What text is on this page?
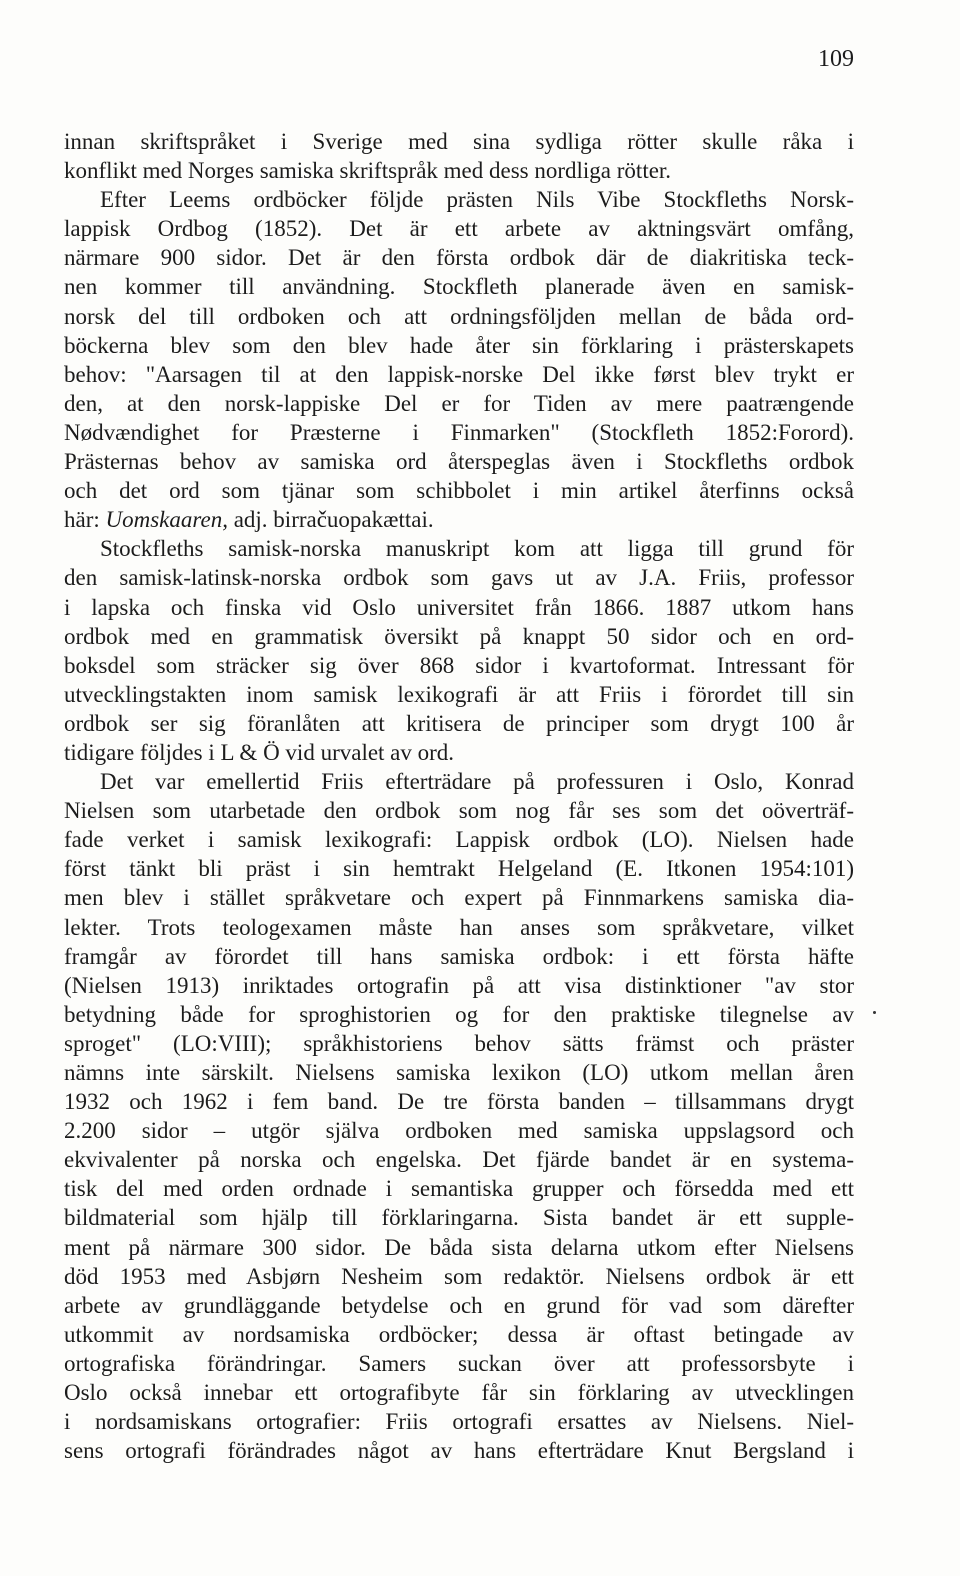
109
innan skriftspråket i Sverige med sina sydliga rötter skulle råka i
konflikt med Norges samiska skriftspråk med dess nordliga rötter.
Efter Leems ordböcker följde prästen Nils Vibe Stockfleths Norsk-
lappisk Ordbog (1852). Det är ett arbete av aktningsvärt omfång,
närmare 900 sidor. Det är den första ordbok där de diakritiska teck-
nen kommer till användning. Stockfleth planerade även en samisk-
norsk del till ordboken och att ordningsföljden mellan de båda ord-
böckerna blev som den blev hade åter sin förklaring i prästerskapets
behov: "Aarsagen til at den lappisk-norske Del ikke først blev trykt er
den, at den norsk-lappiske Del er for Tiden av mere paatrængende
Nødvændighet for Præsterne i Finmarken" (Stockfleth 1852:Forord).
Prästernas behov av samiska ord återspeglas även i Stockfleths ordbok
och det ord som tjänar som schibbolet i min artikel återfinns också
här: Uomskaaren, adj. birračuopakættai.
Stockfleths samisk-norska manuskript kom att ligga till grund för
den samisk-latinsk-norska ordbok som gavs ut av J.A. Friis, professor
i lapska och finska vid Oslo universitet från 1866. 1887 utkom hans
ordbok med en grammatisk översikt på knappt 50 sidor och en ord-
boksdel som sträcker sig över 868 sidor i kvartoformat. Intressant för
utvecklingstakten inom samisk lexikografi är att Friis i förordet till sin
ordbok ser sig föranlåten att kritisera de principer som drygt 100 år
tidigare följdes i L & Ö vid urvalet av ord.
Det var emellertid Friis efterträdare på professuren i Oslo, Konrad
Nielsen som utarbetade den ordbok som nog får ses som det oöverträf-
fade verket i samisk lexikografi: Lappisk ordbok (LO). Nielsen hade
först tänkt bli präst i sin hemtrakt Helgeland (E. Itkonen 1954:101)
men blev i stället språkvetare och expert på Finnmarkens samiska dia-
lekter. Trots teologexamen måste han anses som språkvetare, vilket
framgår av förordet till hans samiska ordbok: i ett första häfte
(Nielsen 1913) inriktades ortografin på att visa distinktioner "av stor
betydning både for sproghistorien og for den praktiske tilegnelse av
sproget" (LO:VIII); språkhistoriens behov sätts främst och präster
nämns inte särskilt. Nielsens samiska lexikon (LO) utkom mellan åren
1932 och 1962 i fem band. De tre första banden – tillsammans drygt
2.200 sidor – utgör själva ordboken med samiska uppslagsord och
ekvivalenter på norska och engelska. Det fjärde bandet är en systema-
tisk del med orden ordnade i semantiska grupper och försedda med ett
bildmaterial som hjälp till förklaringarna. Sista bandet är ett supple-
ment på närmare 300 sidor. De båda sista delarna utkom efter Nielsens
död 1953 med Asbjørn Nesheim som redaktör. Nielsens ordbok är ett
arbete av grundläggande betydelse och en grund för vad som därefter
utkommit av nordsamiska ordböcker; dessa är oftast betingade av
ortografiska förändringar. Samers suckan över att professorsbyte i
Oslo också innebar ett ortografibyte får sin förklaring av utvecklingen
i nordsamiskans ortografier: Friis ortografi ersattes av Nielsens. Niel-
sens ortografi förändrades något av hans efterträdare Knut Bergsland i
